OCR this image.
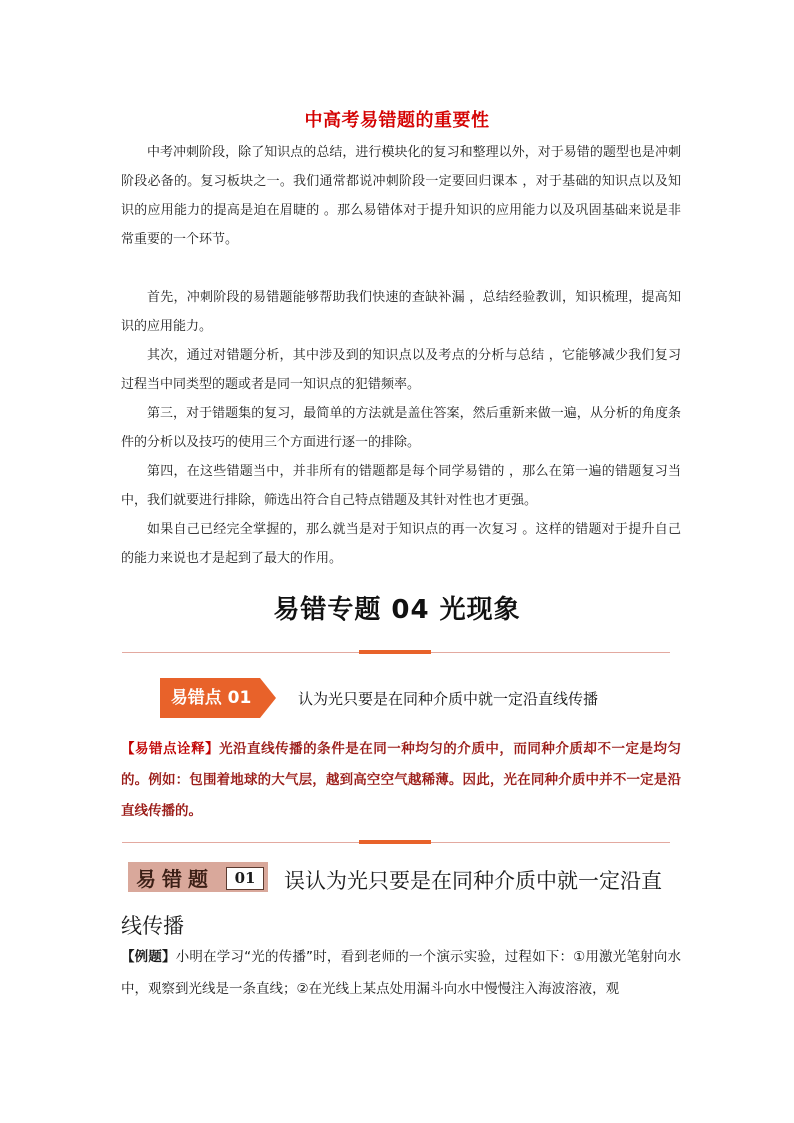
中高考易错题的重要性
中考冲刺阶段，除了知识点的总结，进行模块化的复习和整理以外，对于易错的题型也是冲刺阶段必备的。复习板块之一。我们通常都说冲刺阶段一定要回归课本 ，对于基础的知识点以及知识的应用能力的提高是迫在眉睫的 。那么易错体对于提升知识的应用能力以及巩固基础来说是非常重要的一个环节。
首先，冲刺阶段的易错题能够帮助我们快速的查缺补漏 ，总结经验教训，知识梳理，提高知识的应用能力。
其次，通过对错题分析，其中涉及到的知识点以及考点的分析与总结 ，它能够减少我们复习过程当中同类型的题或者是同一知识点的犯错频率。
第三，对于错题集的复习，最简单的方法就是盖住答案，然后重新来做一遍，从分析的角度条件的分析以及技巧的使用三个方面进行逐一的排除。
第四，在这些错题当中，并非所有的错题都是每个同学易错的 ，那么在第一遍的错题复习当中，我们就要进行排除，筛选出符合自己特点错题及其针对性也才更强。
如果自己已经完全掌握的，那么就当是对于知识点的再一次复习 。这样的错题对于提升自己的能力来说也才是起到了最大的作用。
易错专题 04 光现象
易错点 01	认为光只要是在同种介质中就一定沿直线传播
【易错点诠释】光沿直线传播的条件是在同一种均匀的介质中，而同种介质却不一定是均匀的。例如：包围着地球的大气层，越到高空空气越稀薄。因此，光在同种介质中并不一定是沿直线传播的。
易错题	01	误认为光只要是在同种介质中就一定沿直线传播
【例题】小明在学习“光的传播”时，看到老师的一个演示实验，过程如下：①用激光笔射向水中，观察到光线是一条直线；②在光线上某点处用漏斗向水中慢慢注入海波溶液，观
